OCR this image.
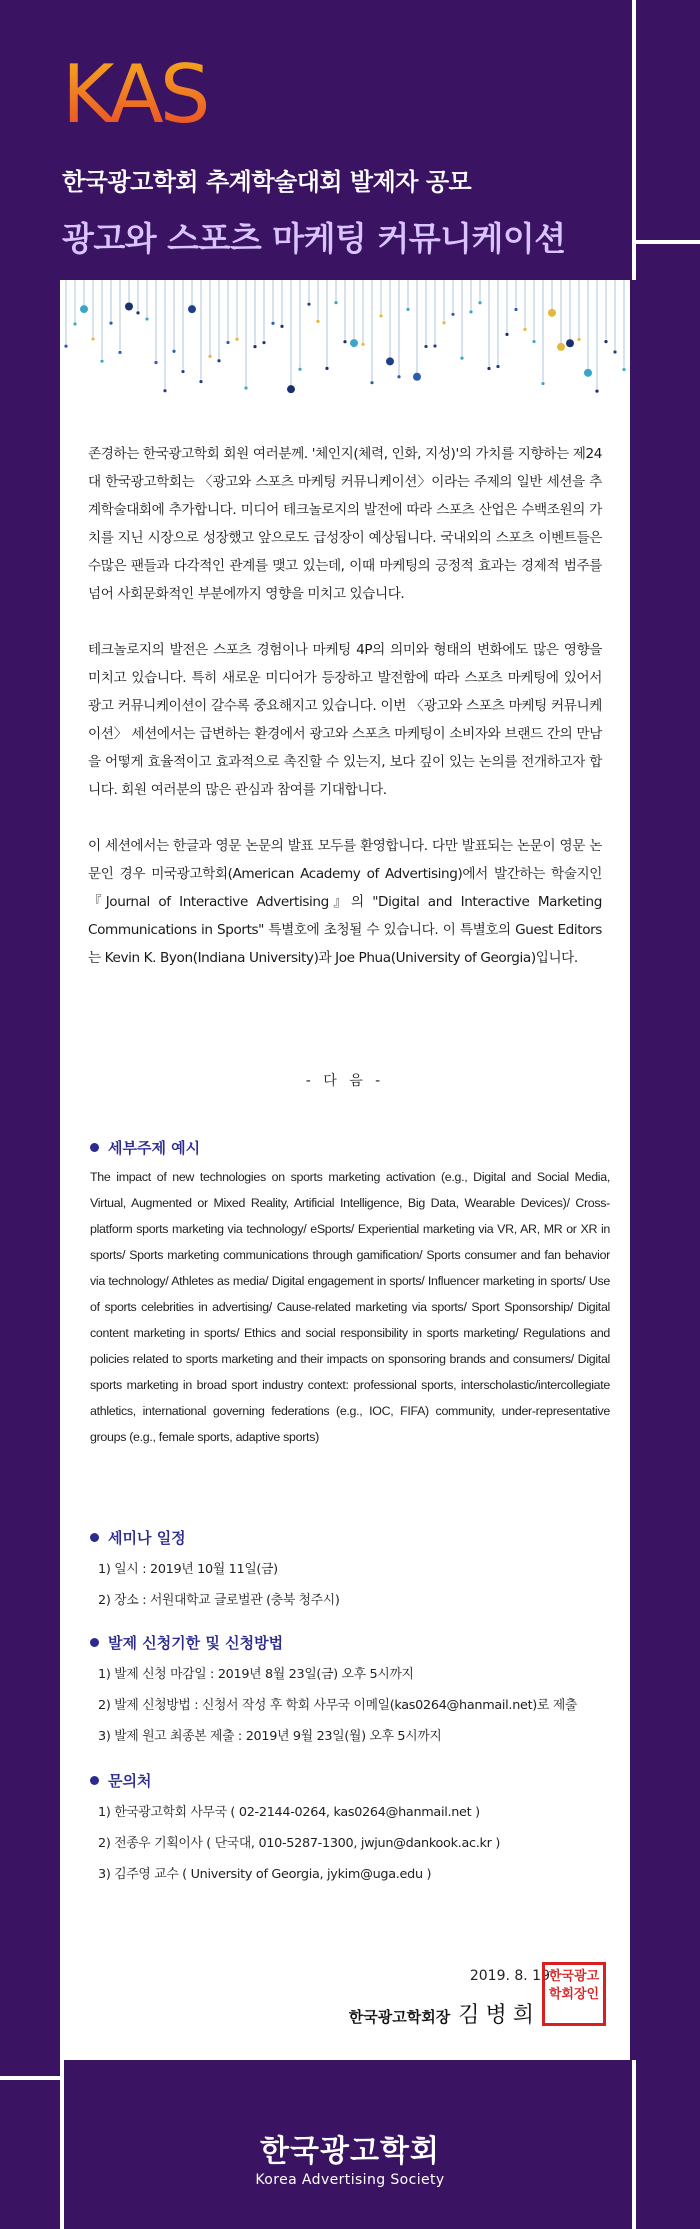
KAS
한국광고학회 추계학술대회 발제자 공모
광고와 스포츠 마케팅 커뮤니케이션

존경하는 한국광고학회 회원 여러분께. '체인지(체력, 인화, 지성)'의 가치를 지향하는 제24대 한국광고학회는 〈광고와 스포츠 마케팅 커뮤니케이션〉이라는 주제의 일반 세션을 추계학술대회에 추가합니다. 미디어 테크놀로지의 발전에 따라 스포츠 산업은 수백조원의 가치를 지닌 시장으로 성장했고 앞으로도 급성장이 예상됩니다. 국내외의 스포츠 이벤트들은 수많은 팬들과 다각적인 관계를 맺고 있는데, 이때 마케팅의 긍정적 효과는 경제적 범주를 넘어 사회문화적인 부분에까지 영향을 미치고 있습니다.

테크놀로지의 발전은 스포츠 경험이나 마케팅 4P의 의미와 형태의 변화에도 많은 영향을 미치고 있습니다. 특히 새로운 미디어가 등장하고 발전함에 따라 스포츠 마케팅에 있어서 광고 커뮤니케이션이 갈수록 중요해지고 있습니다. 이번 〈광고와 스포츠 마케팅 커뮤니케이션〉 세션에서는 급변하는 환경에서 광고와 스포츠 마케팅이 소비자와 브랜드 간의 만남을 어떻게 효율적이고 효과적으로 촉진할 수 있는지, 보다 깊이 있는 논의를 전개하고자 합니다. 회원 여러분의 많은 관심과 참여를 기대합니다.

이 세션에서는 한글과 영문 논문의 발표 모두를 환영합니다. 다만 발표되는 논문이 영문 논문인 경우 미국광고학회(American Academy of Advertising)에서 발간하는 학술지인 『Journal of Interactive Advertising』의 "Digital and Interactive Marketing Communications in Sports" 특별호에 초청될 수 있습니다. 이 특별호의 Guest Editors는 Kevin K. Byon(Indiana University)과 Joe Phua(University of Georgia)입니다.

- 다 음 -
세부주제 예시
The impact of new technologies on sports marketing activation (e.g., Digital and Social Media, Virtual, Augmented or Mixed Reality, Artificial Intelligence, Big Data, Wearable Devices)/ Cross-platform sports marketing via technology/ eSports/ Experiential marketing via VR, AR, MR or XR in sports/ Sports marketing communications through gamification/ Sports consumer and fan behavior via technology/ Athletes as media/ Digital engagement in sports/ Influencer marketing in sports/ Use of sports celebrities in advertising/ Cause-related marketing via sports/ Sport Sponsorship/ Digital content marketing in sports/ Ethics and social responsibility in sports marketing/ Regulations and policies related to sports marketing and their impacts on sponsoring brands and consumers/ Digital sports marketing in broad sport industry context: professional sports, interscholastic/intercollegiate athletics, international governing federations (e.g., IOC, FIFA) community, under-representative groups (e.g., female sports, adaptive sports)
세미나 일정
1) 일시 : 2019년 10월 11일(금)
2) 장소 : 서원대학교 글로벌관 (충북 청주시)
발제 신청기한 및 신청방법
1) 발제 신청 마감일 : 2019년 8월 23일(금) 오후 5시까지
2) 발제 신청방법 : 신청서 작성 후 학회 사무국 이메일(kas0264@hanmail.net)로 제출
3) 발제 원고 최종본 제출 : 2019년 9월 23일(월) 오후 5시까지
문의처
1) 한국광고학회 사무국 ( 02-2144-0264, kas0264@hanmail.net )
2) 전종우 기획이사 ( 단국대, 010-5287-1300, jwjun@dankook.ac.kr )
3) 김주영 교수 ( University of Georgia, jykim@uga.edu )
2019. 8. 19
한국광고학회장 김병희
한국광고학회장인
한국광고학회
Korea Advertising Society
